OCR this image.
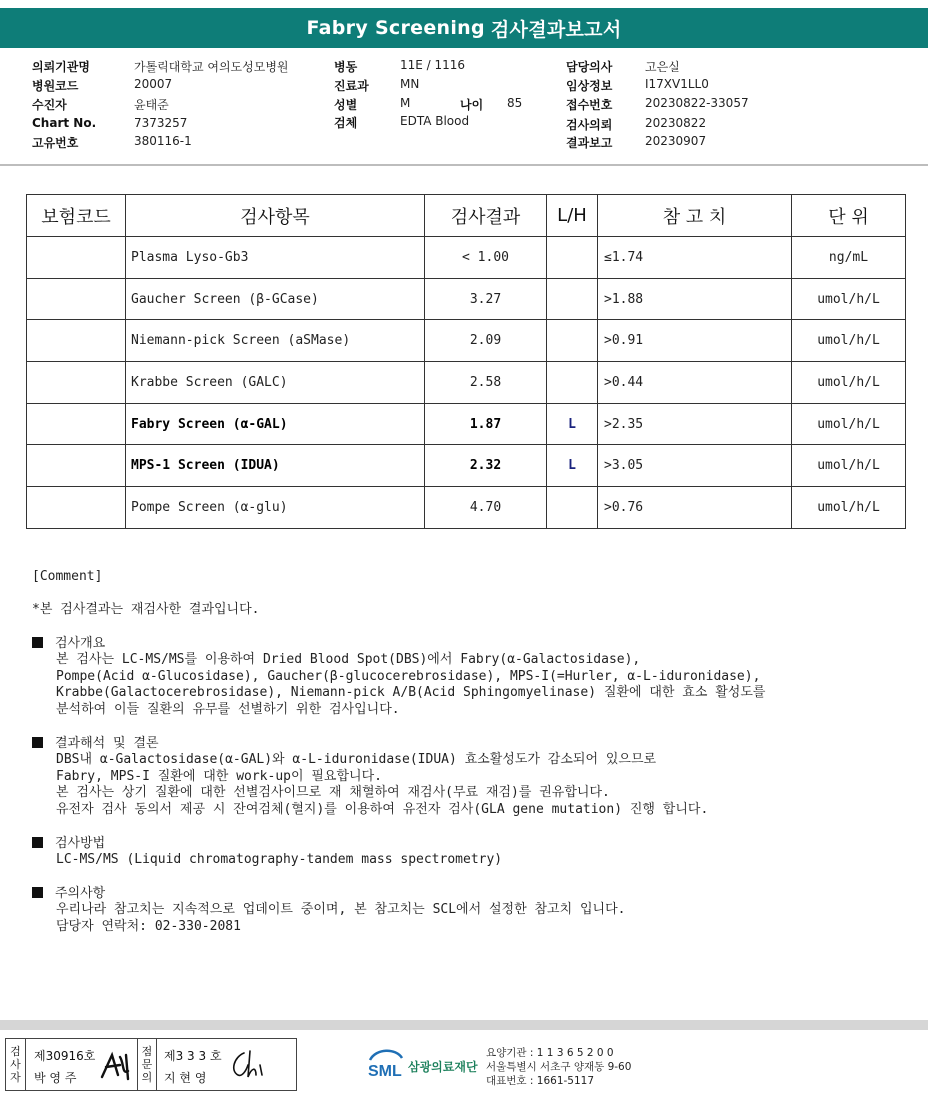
Fabry Screening 검사결과보고서
의뢰기관명	가톨릭대학교 여의도성모병원
병원코드	20007
수진자	윤태준
Chart No.	7373257
고유번호	380116-1
병동	11E / 1116
진료과	MN
성별	M	나이 85
검체	EDTA Blood
담당의사	고은실
임상정보	I17XV1LL0
접수번호	20230822-33057
검사의뢰	20230822
결과보고	20230907
보험코드	검사항목	검사결과	L/H	참 고 치	단 위
	Plasma Lyso-Gb3	< 1.00		≤1.74	ng/mL
	Gaucher Screen (β-GCase)	3.27		>1.88	umol/h/L
	Niemann-pick Screen (aSMase)	2.09		>0.91	umol/h/L
	Krabbe Screen (GALC)	2.58		>0.44	umol/h/L
	Fabry Screen (α-GAL)	1.87	L	>2.35	umol/h/L
	MPS-1 Screen (IDUA)	2.32	L	>3.05	umol/h/L
	Pompe Screen (α-glu)	4.70		>0.76	umol/h/L
[Comment]
*본 검사결과는 재검사한 결과입니다.
검사개요
본 검사는 LC-MS/MS를 이용하여 Dried Blood Spot(DBS)에서 Fabry(α-Galactosidase),
Pompe(Acid α-Glucosidase), Gaucher(β-glucocerebrosidase), MPS-I(=Hurler, α-L-iduronidase),
Krabbe(Galactocerebrosidase), Niemann-pick A/B(Acid Sphingomyelinase) 질환에 대한 효소 활성도를
분석하여 이들 질환의 유무를 선별하기 위한 검사입니다.
결과해석 및 결론
DBS내 α-Galactosidase(α-GAL)와 α-L-iduronidase(IDUA) 효소활성도가 감소되어 있으므로
Fabry, MPS-I 질환에 대한 work-up이 필요합니다.
본 검사는 상기 질환에 대한 선별검사이므로 재 채혈하여 재검사(무료 재검)를 권유합니다.
유전자 검사 동의서 제공 시 잔여검체(혈지)를 이용하여 유전자 검사(GLA gene mutation) 진행 합니다.
검사방법
LC-MS/MS (Liquid chromatography-tandem mass spectrometry)
주의사항
우리나라 참고치는 지속적으로 업데이트 중이며, 본 참고치는 SCL에서 설정한 참고치 입니다.
담당자 연락처: 02-330-2081
검
사
자
제30916호
박 영 주
점
문
의
제3 3 3 호
지 현 영	SML 삼광의료재단
요양기관 : 1 1 3 6 5 2 0 0
서울특별시 서초구 양재동 9-60
대표번호 : 1661-5117
